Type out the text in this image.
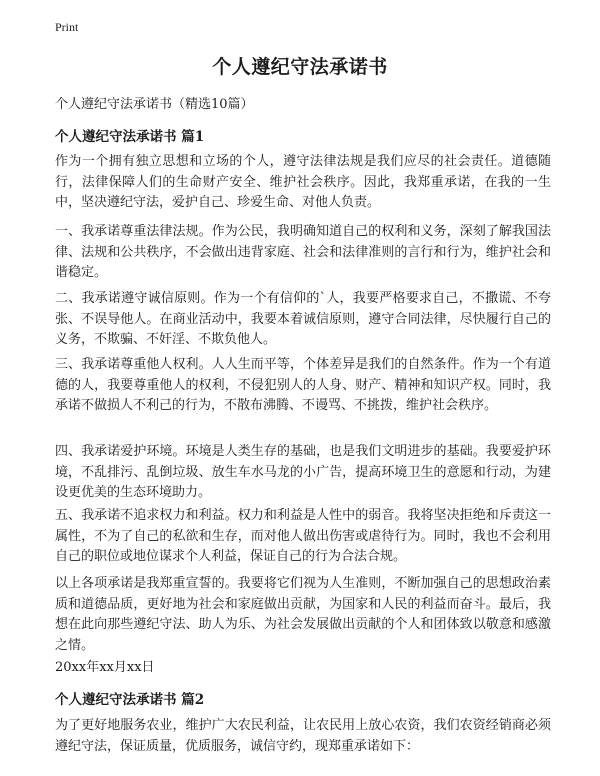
Print
个人遵纪守法承诺书

个人遵纪守法承诺书（精选10篇）

个人遵纪守法承诺书 篇1

作为一个拥有独立思想和立场的个人，遵守法律法规是我们应尽的社会责任。道德随行，法律保障人们的生命财产安全、维护社会秩序。因此，我郑重承诺，在我的一生中，坚决遵纪守法，爱护自己、珍爱生命、对他人负责。

一、我承诺尊重法律法规。作为公民，我明确知道自己的权利和义务，深刻了解我国法律、法规和公共秩序，不会做出违背家庭、社会和法律准则的言行和行为，维护社会和谐稳定。

二、我承诺遵守诚信原则。作为一个有信仰的`人，我要严格要求自己，不撒谎、不夸张、不误导他人。在商业活动中，我要本着诚信原则，遵守合同法律，尽快履行自己的义务，不欺骗、不奸淫、不欺负他人。

三、我承诺尊重他人权利。人人生而平等，个体差异是我们的自然条件。作为一个有道德的人，我要尊重他人的权利，不侵犯别人的人身、财产、精神和知识产权。同时，我承诺不做损人不利己的行为，不散布沸腾、不谩骂、不挑拨，维护社会秩序。

四、我承诺爱护环境。环境是人类生存的基础，也是我们文明进步的基础。我要爱护环境，不乱排污、乱倒垃圾、放生车水马龙的小广告，提高环境卫生的意愿和行动，为建设更优美的生态环境助力。

五、我承诺不追求权力和利益。权力和利益是人性中的弱音。我将坚决拒绝和斥责这一属性，不为了自己的私欲和生存，而对他人做出伤害或虐待行为。同时，我也不会利用自己的职位或地位谋求个人利益，保证自己的行为合法合规。

以上各项承诺是我郑重宣誓的。我要将它们视为人生准则，不断加强自己的思想政治素质和道德品质，更好地为社会和家庭做出贡献，为国家和人民的利益而奋斗。最后，我想在此向那些遵纪守法、助人为乐、为社会发展做出贡献的个人和团体致以敬意和感激之情。

20xx年xx月xx日

个人遵纪守法承诺书 篇2

为了更好地服务农业，维护广大农民利益，让农民用上放心农资，我们农资经销商必须遵纪守法，保证质量，优质服务，诚信守约，现郑重承诺如下：
